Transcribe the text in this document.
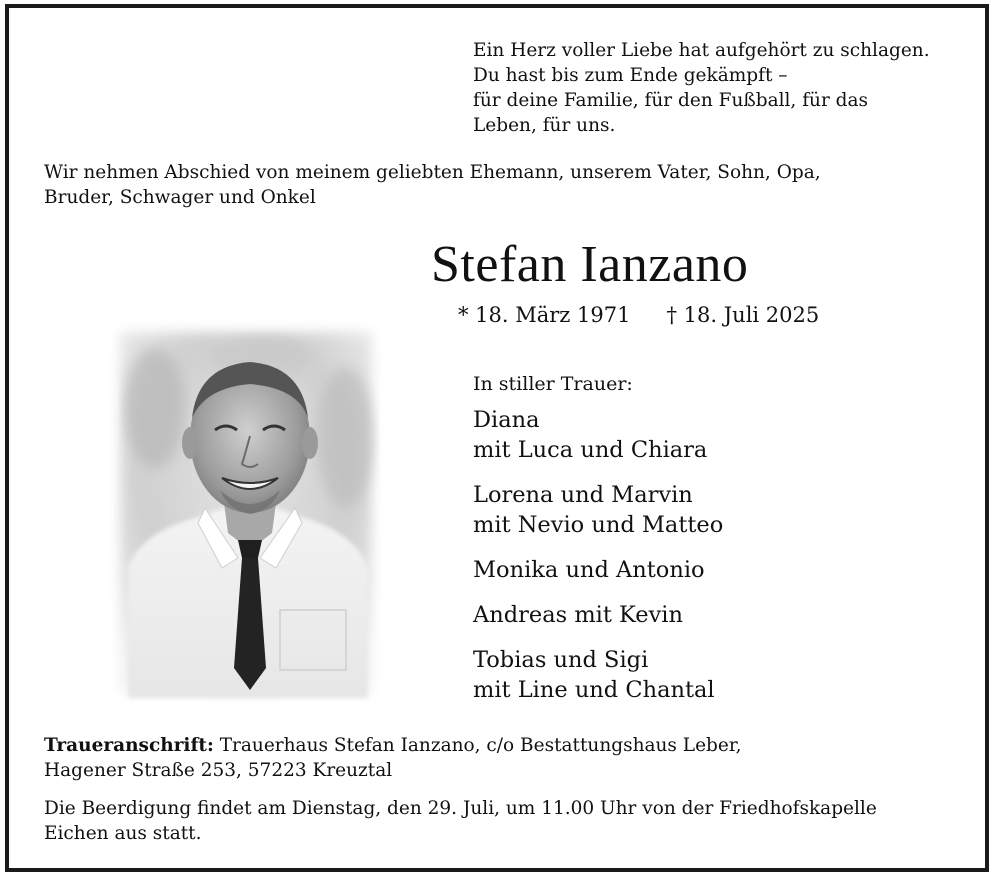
Ein Herz voller Liebe hat aufgehört zu schlagen.
Du hast bis zum Ende gekämpft –
für deine Familie, für den Fußball, für das
Leben, für uns.
Wir nehmen Abschied von meinem geliebten Ehemann, unserem Vater, Sohn, Opa,
Bruder, Schwager und Onkel
Stefan Ianzano
* 18. März 1971 † 18. Juli 2025
In stiller Trauer:
Diana
mit Luca und Chiara
Lorena und Marvin
mit Nevio und Matteo
Monika und Antonio
Andreas mit Kevin
Tobias und Sigi
mit Line und Chantal
Traueranschrift: Trauerhaus Stefan Ianzano, c/o Bestattungshaus Leber,
Hagener Straße 253, 57223 Kreuztal
Die Beerdigung findet am Dienstag, den 29. Juli, um 11.00 Uhr von der Friedhofskapelle
Eichen aus statt.
